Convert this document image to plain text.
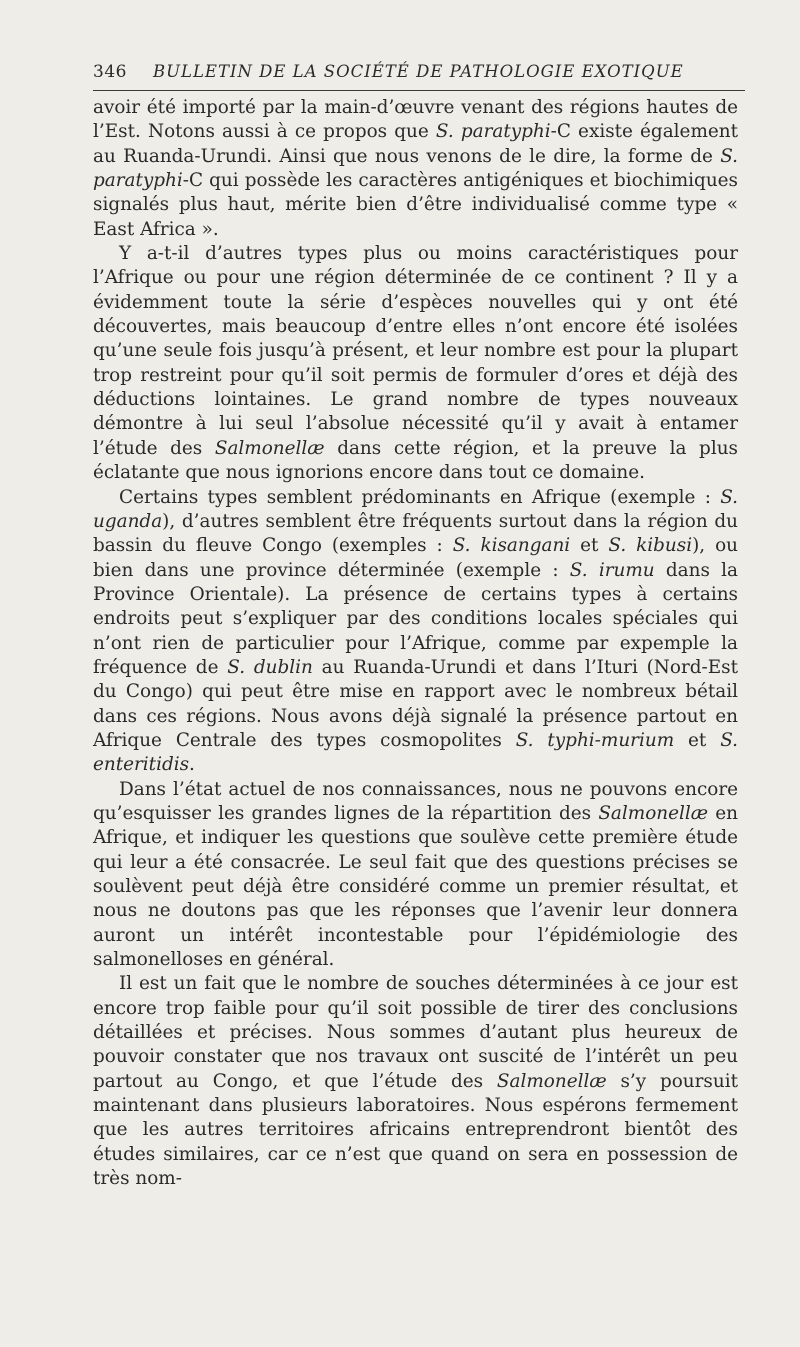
346 BULLETIN DE LA SOCIÉTÉ DE PATHOLOGIE EXOTIQUE

avoir été importé par la main-d’œuvre venant des régions hautes de l’Est. Notons aussi à ce propos que S. paratyphi-C existe également au Ruanda-Urundi. Ainsi que nous venons de le dire, la forme de S. paratyphi-C qui possède les caractères antigéniques et biochimiques signalés plus haut, mérite bien d’être individualisé comme type « East Africa ».

Y a-t-il d’autres types plus ou moins caractéristiques pour l’Afrique ou pour une région déterminée de ce continent ? Il y a évidemment toute la série d’espèces nouvelles qui y ont été découvertes, mais beaucoup d’entre elles n’ont encore été isolées qu’une seule fois jusqu’à présent, et leur nombre est pour la plupart trop restreint pour qu’il soit permis de formuler d’ores et déjà des déductions lointaines. Le grand nombre de types nouveaux démontre à lui seul l’absolue nécessité qu’il y avait à entamer l’étude des Salmonellæ dans cette région, et la preuve la plus éclatante que nous ignorions encore dans tout ce domaine.

Certains types semblent prédominants en Afrique (exemple : S. uganda), d’autres semblent être fréquents surtout dans la région du bassin du fleuve Congo (exemples : S. kisangani et S. kibusi), ou bien dans une province déterminée (exemple : S. irumu dans la Province Orientale). La présence de certains types à certains endroits peut s’expliquer par des conditions locales spéciales qui n’ont rien de particulier pour l’Afrique, comme par expemple la fréquence de S. dublin au Ruanda-Urundi et dans l’Ituri (Nord-Est du Congo) qui peut être mise en rapport avec le nombreux bétail dans ces régions. Nous avons déjà signalé la présence partout en Afrique Centrale des types cosmopolites S. typhi-murium et S. enteritidis.

Dans l’état actuel de nos connaissances, nous ne pouvons encore qu’esquisser les grandes lignes de la répartition des Salmonellæ en Afrique, et indiquer les questions que soulève cette première étude qui leur a été consacrée. Le seul fait que des questions précises se soulèvent peut déjà être considéré comme un premier résultat, et nous ne doutons pas que les réponses que l’avenir leur donnera auront un intérêt incontestable pour l’épidémiologie des salmonelloses en général.

Il est un fait que le nombre de souches déterminées à ce jour est encore trop faible pour qu’il soit possible de tirer des conclusions détaillées et précises. Nous sommes d’autant plus heureux de pouvoir constater que nos travaux ont suscité de l’intérêt un peu partout au Congo, et que l’étude des Salmonellæ s’y poursuit maintenant dans plusieurs laboratoires. Nous espérons fermement que les autres territoires africains entreprendront bientôt des études similaires, car ce n’est que quand on sera en possession de très nom-
